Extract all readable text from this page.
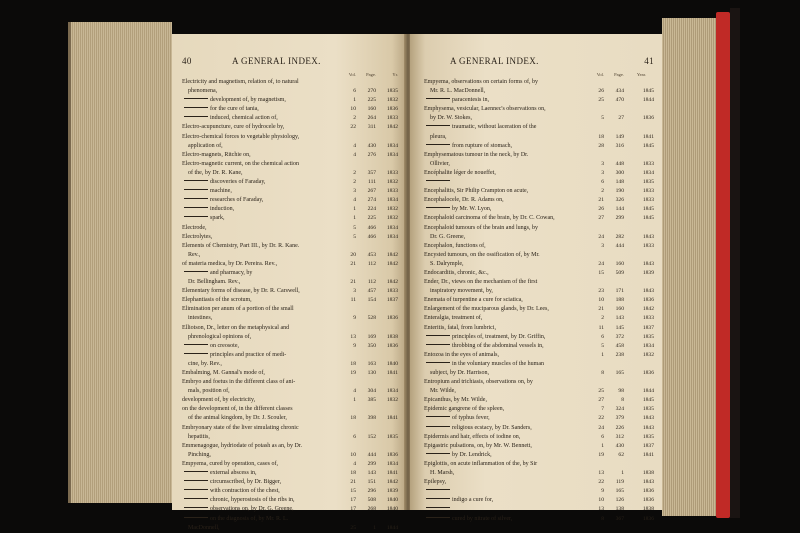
40	A GENERAL INDEX.
Vol. Page.	Yr.
Electricity and magnetism, relation of, to natural
phenomena,	6	270	1835
development of, by magnetism,	1	225	1832
for the cure of tania,	10	160	1836
induced, chemical action of,	2	264	1833
Electro-acupuncture, cure of hydrocele by,	22	311	1842
Electro-chemical forces to vegetable physiology,
application of,	4	430	1834
Electro-magnets, Ritchie on,	4	276	1834
Electro-magnetic current, on the chemical action
of the, by Dr. R. Kane,	2	357	1833
discoveries of Faraday,	2	111	1832
machine,	3	267	1833
researches of Faraday,	4	274	1834
induction,	1	224	1832
spark,	1	225	1832
Electrode,	5	466	1834
Electrolytes,	5	466	1834
Elements of Chemistry, Part III., by Dr. R. Kane.
Rev.,	20	453	1842
of materia medica, by Dr. Pereira. Rev.,	21	112	1842
and pharmacy, by
Dr. Bellingham. Rev.,	21	112	1842
Elementary forms of disease, by Dr. R. Carswell,	3	457	1833
Elephantiasis of the scrotum,	11	154	1837
Elimination per anum of a portion of the small
intestines,	9	528	1836
Elliotson, Dr., letter on the metaphysical and
phrenological opinions of,	13	169	1838
on creosote,	9	350	1836
principles and practice of medi-
cine, by. Rev.,	18	163	1840
Embalming, M. Gannal's mode of,	19	130	1841
Embryo and foetus in the different class of ani-
mals, position of,	4	304	1834
development of, by electricity,	1	385	1832
on the development of, in the different classes
of the animal kingdom, by Dr. J. Scouler,	18	398	1841
Embryonary state of the liver simulating chronic
hepatitis,	6	152	1835
Emmenagogue, hydriodate of potash as an, by Dr.
Pinching,	10	444	1836
Empyema, cured by operation, cases of,	4	299	1834
external abscess in,	18	143	1841
circumscribed, by Dr. Bigger,	21	151	1842
with contraction of the chest,	15	296	1839
chronic, hyperostosis of the ribs in,	17	508	1840
observations on, by Dr. G. Greene,	17	268	1840
on the diagnosis of, by Mr. R. L.
MacDonnell,	25	1	1844
A GENERAL INDEX.	41
Vol. Page.	Year.
Empyema, observations on certain forms of, by
Mr. R. L. MacDonnell,	26	434	1845
paracentesis in,	25	470	1844
Emphysema, vesicular, Laennec's observations on,
by Dr. W. Stokes,	5	27	1836
traumatic, without laceration of the
pleura,	18	149	1841
from rupture of stomach,	28	316	1845
Emphysematous tumour in the neck, by Dr.
Ollivier,	3	448	1833
Encéphalite léger de noueffet,	3	300	1834
6	148	1835
Encephalitis, Sir Philip Crampton on acute,	2	190	1833
Encephalocele, Dr. R. Adams on,	21	326	1833
by Mr. W. Lyon,	26	144	1845
Encephaloid carcinoma of the brain, by Dr. C. Cowan,	27	299	1845
Encephaloid tumours of the brain and lungs, by
Dr. G. Greene,	24	282	1843
Encephalon, functions of,	3	444	1833
Encysted tumours, on the ossification of, by Mr.
S. Dalrymple,	24	160	1843
Endocarditis, chronic, &c.,	15	509	1839
Ender, Dr., views on the mechanism of the first
inspiratory movement, by,	23	171	1843
Enemata of turpentine a cure for sciatica,	10	188	1836
Enlargement of the muciparous glands, by Dr. Lees,	21	160	1842
Enteralgia, treatment of,	2	143	1833
Enteritis, fatal, from lumbrici,	11	145	1837
principles of, treatment, by Dr. Griffin,	6	372	1835
throbbing of the abdominal vessels in,	5	458	1834
Entozoa in the eyes of animals,	1	238	1832
in the voluntary muscles of the human
subject, by Dr. Harrison,	8	165	1836
Entropium and trichiasis, observations on, by
Mr. Wilde,	25	98	1844
Epicanthus, by Mr. Wilde,	27	8	1845
Epidemic gangrene of the spleen,	7	324	1835
of typhus fever,	22	379	1843
religious ecstacy, by Dr. Sanders,	24	226	1843
Epidermis and hair, effects of iodine on,	6	312	1835
Epigastric pulsations, on, by Mr. W. Bennett,	1	430	1837
by Dr. Lendrick,	19	62	1841
Epiglottis, on acute inflammation of the, by Sir
H. Marsh,	13	1	1838
Epilepsy,	22	119	1843
9	165	1836
indigo a cure for,	10	126	1836
13	138	1838
cured by nitrate of silver,	8	367	1836
